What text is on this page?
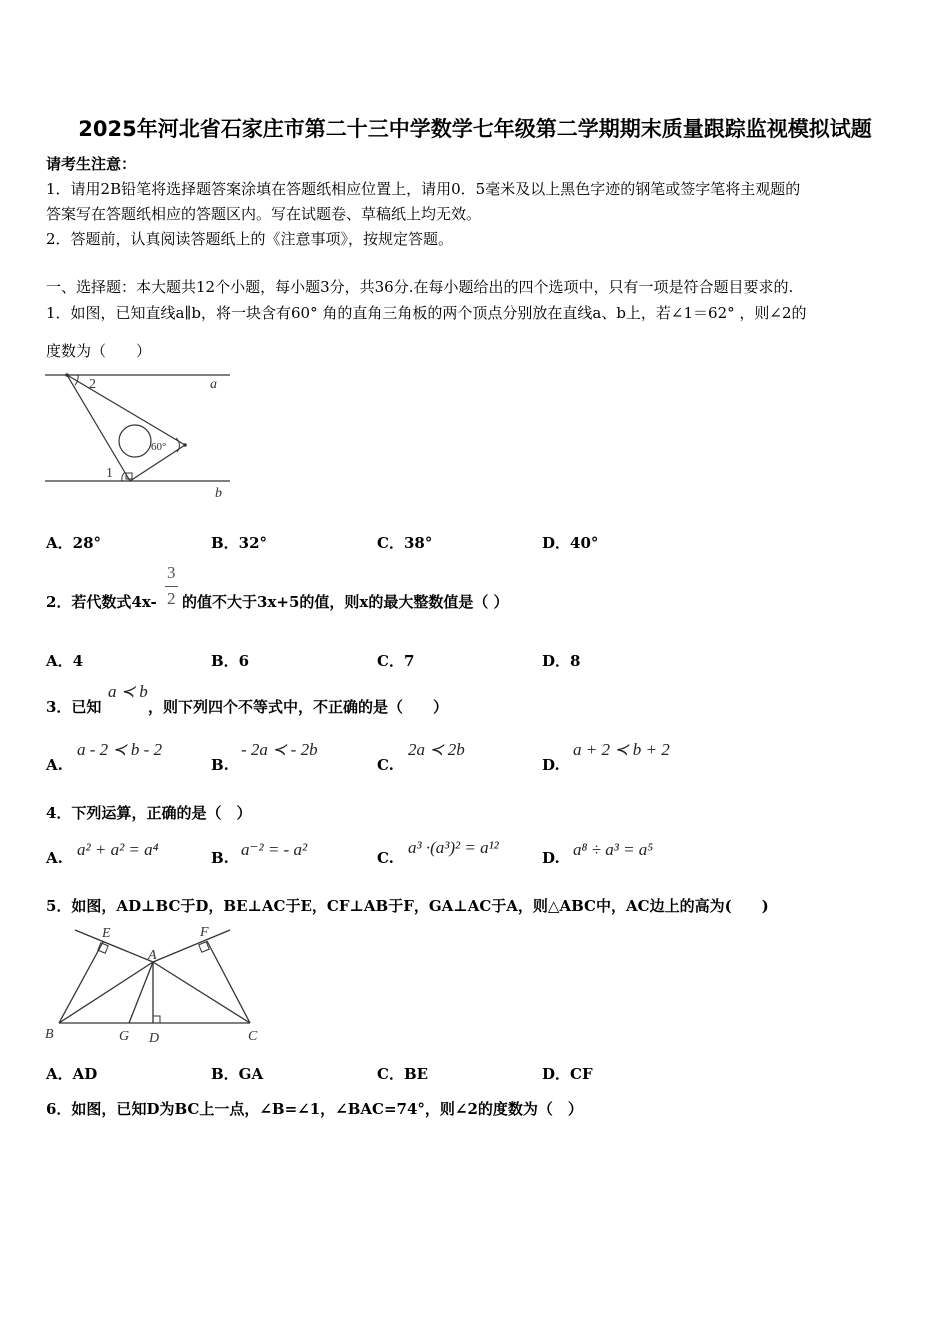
2025年河北省石家庄市第二十三中学数学七年级第二学期期末质量跟踪监视模拟试题
请考生注意：
1．请用2B铅笔将选择题答案涂填在答题纸相应位置上，请用0．5毫米及以上黑色字迹的钢笔或签字笔将主观题的
答案写在答题纸相应的答题区内。写在试题卷、草稿纸上均无效。
2．答题前，认真阅读答题纸上的《注意事项》，按规定答题。
一、选择题：本大题共12个小题，每小题3分，共36分.在每小题给出的四个选项中，只有一项是符合题目要求的.
1．如图，已知直线a∥b，将一块含有60° 角的直角三角板的两个顶点分别放在直线a、b上，若∠1＝62° ，则∠2的
度数为（　　）
a
b
1
2
60°
A．28°	B．32°	C．38°	D．40°
2．若代数式4x-
3
2 的值不大于3x+5的值，则x的最大整数值是（ ）
A．4	B．6	C．7	D．8
3．已知
a ≺ b
，则下列四个不等式中，不正确的是（　　）
A.
a - 2 ≺ b - 2
B.
- 2a ≺ - 2b
C.
2a ≺ 2b
D.
a + 2 ≺ b + 2
4．下列运算，正确的是（　）
A. a² + a² = a⁴	B. a⁻² = - a²	C.
a³ ·(a³)² = a¹²
D. a⁸ ÷ a³ = a⁵
5．如图，AD⊥BC于D，BE⊥AC于E，CF⊥AB于F，GA⊥AC于A，则△ABC中，AC边上的高为(　　)
E	F
A
B	G D	C
A．AD	B．GA	C．BE	D．CF
6．如图，已知D为BC上一点，∠B=∠1，∠BAC=74°，则∠2的度数为（　）
